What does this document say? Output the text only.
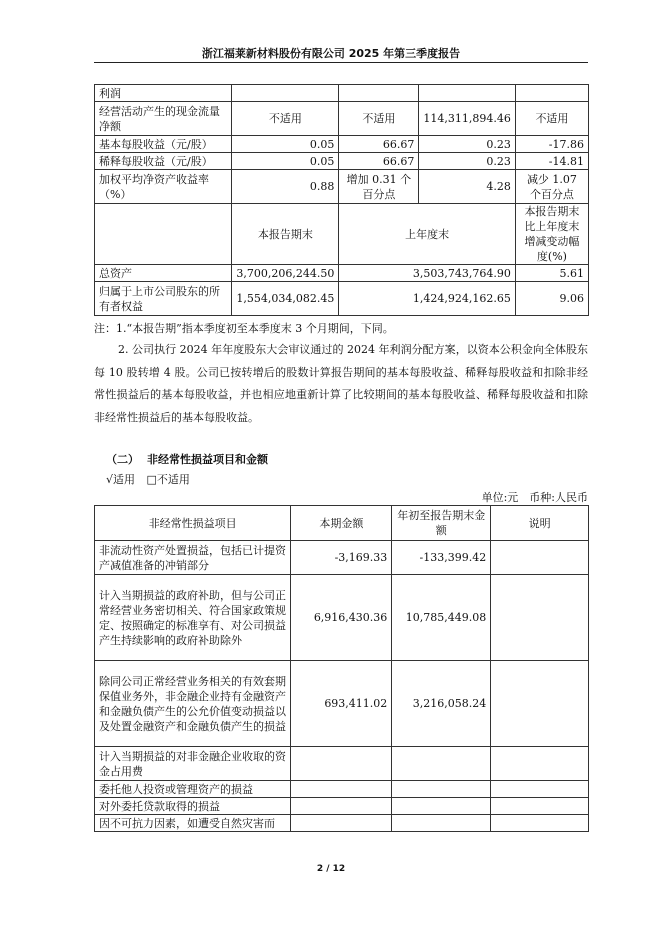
浙江福莱新材料股份有限公司 2025 年第三季度报告
利润				
经营活动产生的现金流量净额	不适用	不适用	114,311,894.46	不适用
基本每股收益（元/股）	0.05	66.67	0.23	-17.86
稀释每股收益（元/股）	0.05	66.67	0.23	-14.81
加权平均净资产收益率（%）	0.88	增加 0.31 个百分点	4.28	减少 1.07 个百分点
	本报告期末	上年度末		本报告期末比上年度末增减变动幅度(%)
总资产	3,700,206,244.50	3,503,743,764.90		5.61
归属于上市公司股东的所有者权益	1,554,034,082.45	1,424,924,162.65		9.06
注：1.“本报告期”指本季度初至本季度末 3 个月期间，下同。
2. 公司执行 2024 年年度股东大会审议通过的 2024 年利润分配方案，以资本公积金向全体股东每 10 股转增 4 股。公司已按转增后的股数计算报告期间的基本每股收益、稀释每股收益和扣除非经常性损益后的基本每股收益，并也相应地重新计算了比较期间的基本每股收益、稀释每股收益和扣除非经常性损益后的基本每股收益。
（二） 非经常性损益项目和金额
√适用 □不适用
单位:元　币种:人民币
非经常性损益项目	本期金额	年初至报告期末金额	说明
非流动性资产处置损益，包括已计提资产减值准备的冲销部分	-3,169.33	-133,399.42	
计入当期损益的政府补助，但与公司正常经营业务密切相关、符合国家政策规定、按照确定的标准享有、对公司损益产生持续影响的政府补助除外	6,916,430.36	10,785,449.08	
除同公司正常经营业务相关的有效套期保值业务外，非金融企业持有金融资产和金融负债产生的公允价值变动损益以及处置金融资产和金融负债产生的损益	693,411.02	3,216,058.24	
计入当期损益的对非金融企业收取的资金占用费			
委托他人投资或管理资产的损益			
对外委托贷款取得的损益			
因不可抗力因素，如遭受自然灾害而			
2 / 12
